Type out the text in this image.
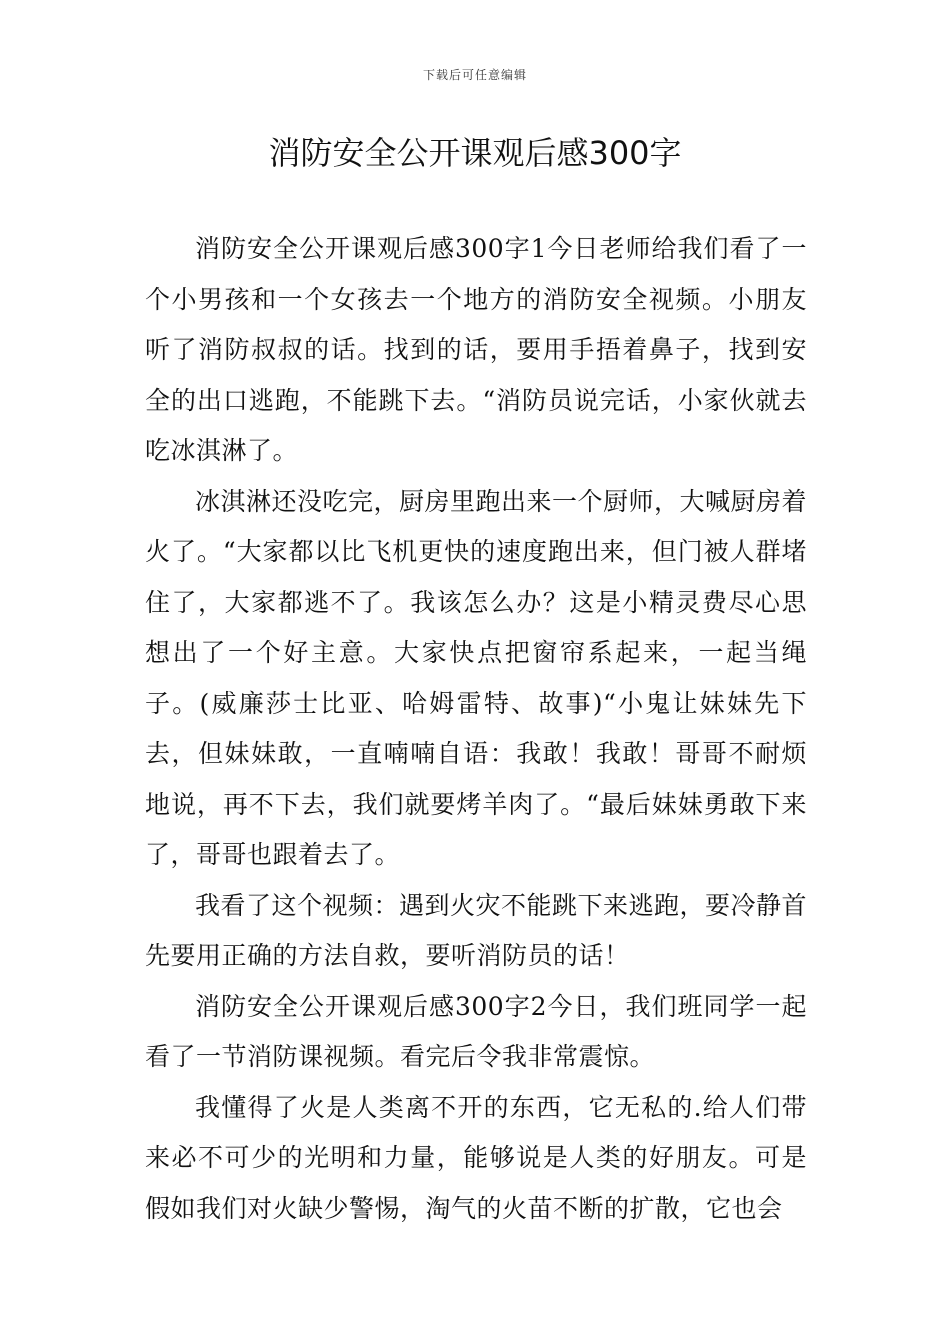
下载后可任意编辑
消防安全公开课观后感300字

消防安全公开课观后感300字1今日老师给我们看了一个小男孩和一个女孩去一个地方的消防安全视频。小朋友听了消防叔叔的话。找到的话，要用手捂着鼻子，找到安全的出口逃跑，不能跳下去。“消防员说完话，小家伙就去吃冰淇淋了。

冰淇淋还没吃完，厨房里跑出来一个厨师，大喊厨房着火了。“大家都以比飞机更快的速度跑出来，但门被人群堵住了，大家都逃不了。我该怎么办？这是小精灵费尽心思想出了一个好主意。大家快点把窗帘系起来，一起当绳子。(威廉莎士比亚、哈姆雷特、故事)“小鬼让妹妹先下去，但妹妹敢，一直喃喃自语：我敢！我敢！哥哥不耐烦地说，再不下去，我们就要烤羊肉了。“最后妹妹勇敢下来了，哥哥也跟着去了。

我看了这个视频：遇到火灾不能跳下来逃跑，要冷静首先要用正确的方法自救，要听消防员的话！

消防安全公开课观后感300字2今日，我们班同学一起看了一节消防课视频。看完后令我非常震惊。

我懂得了火是人类离不开的东西，它无私的.给人们带来必不可少的光明和力量，能够说是人类的好朋友。可是假如我们对火缺少警惕，淘气的火苗不断的扩散，它也会
